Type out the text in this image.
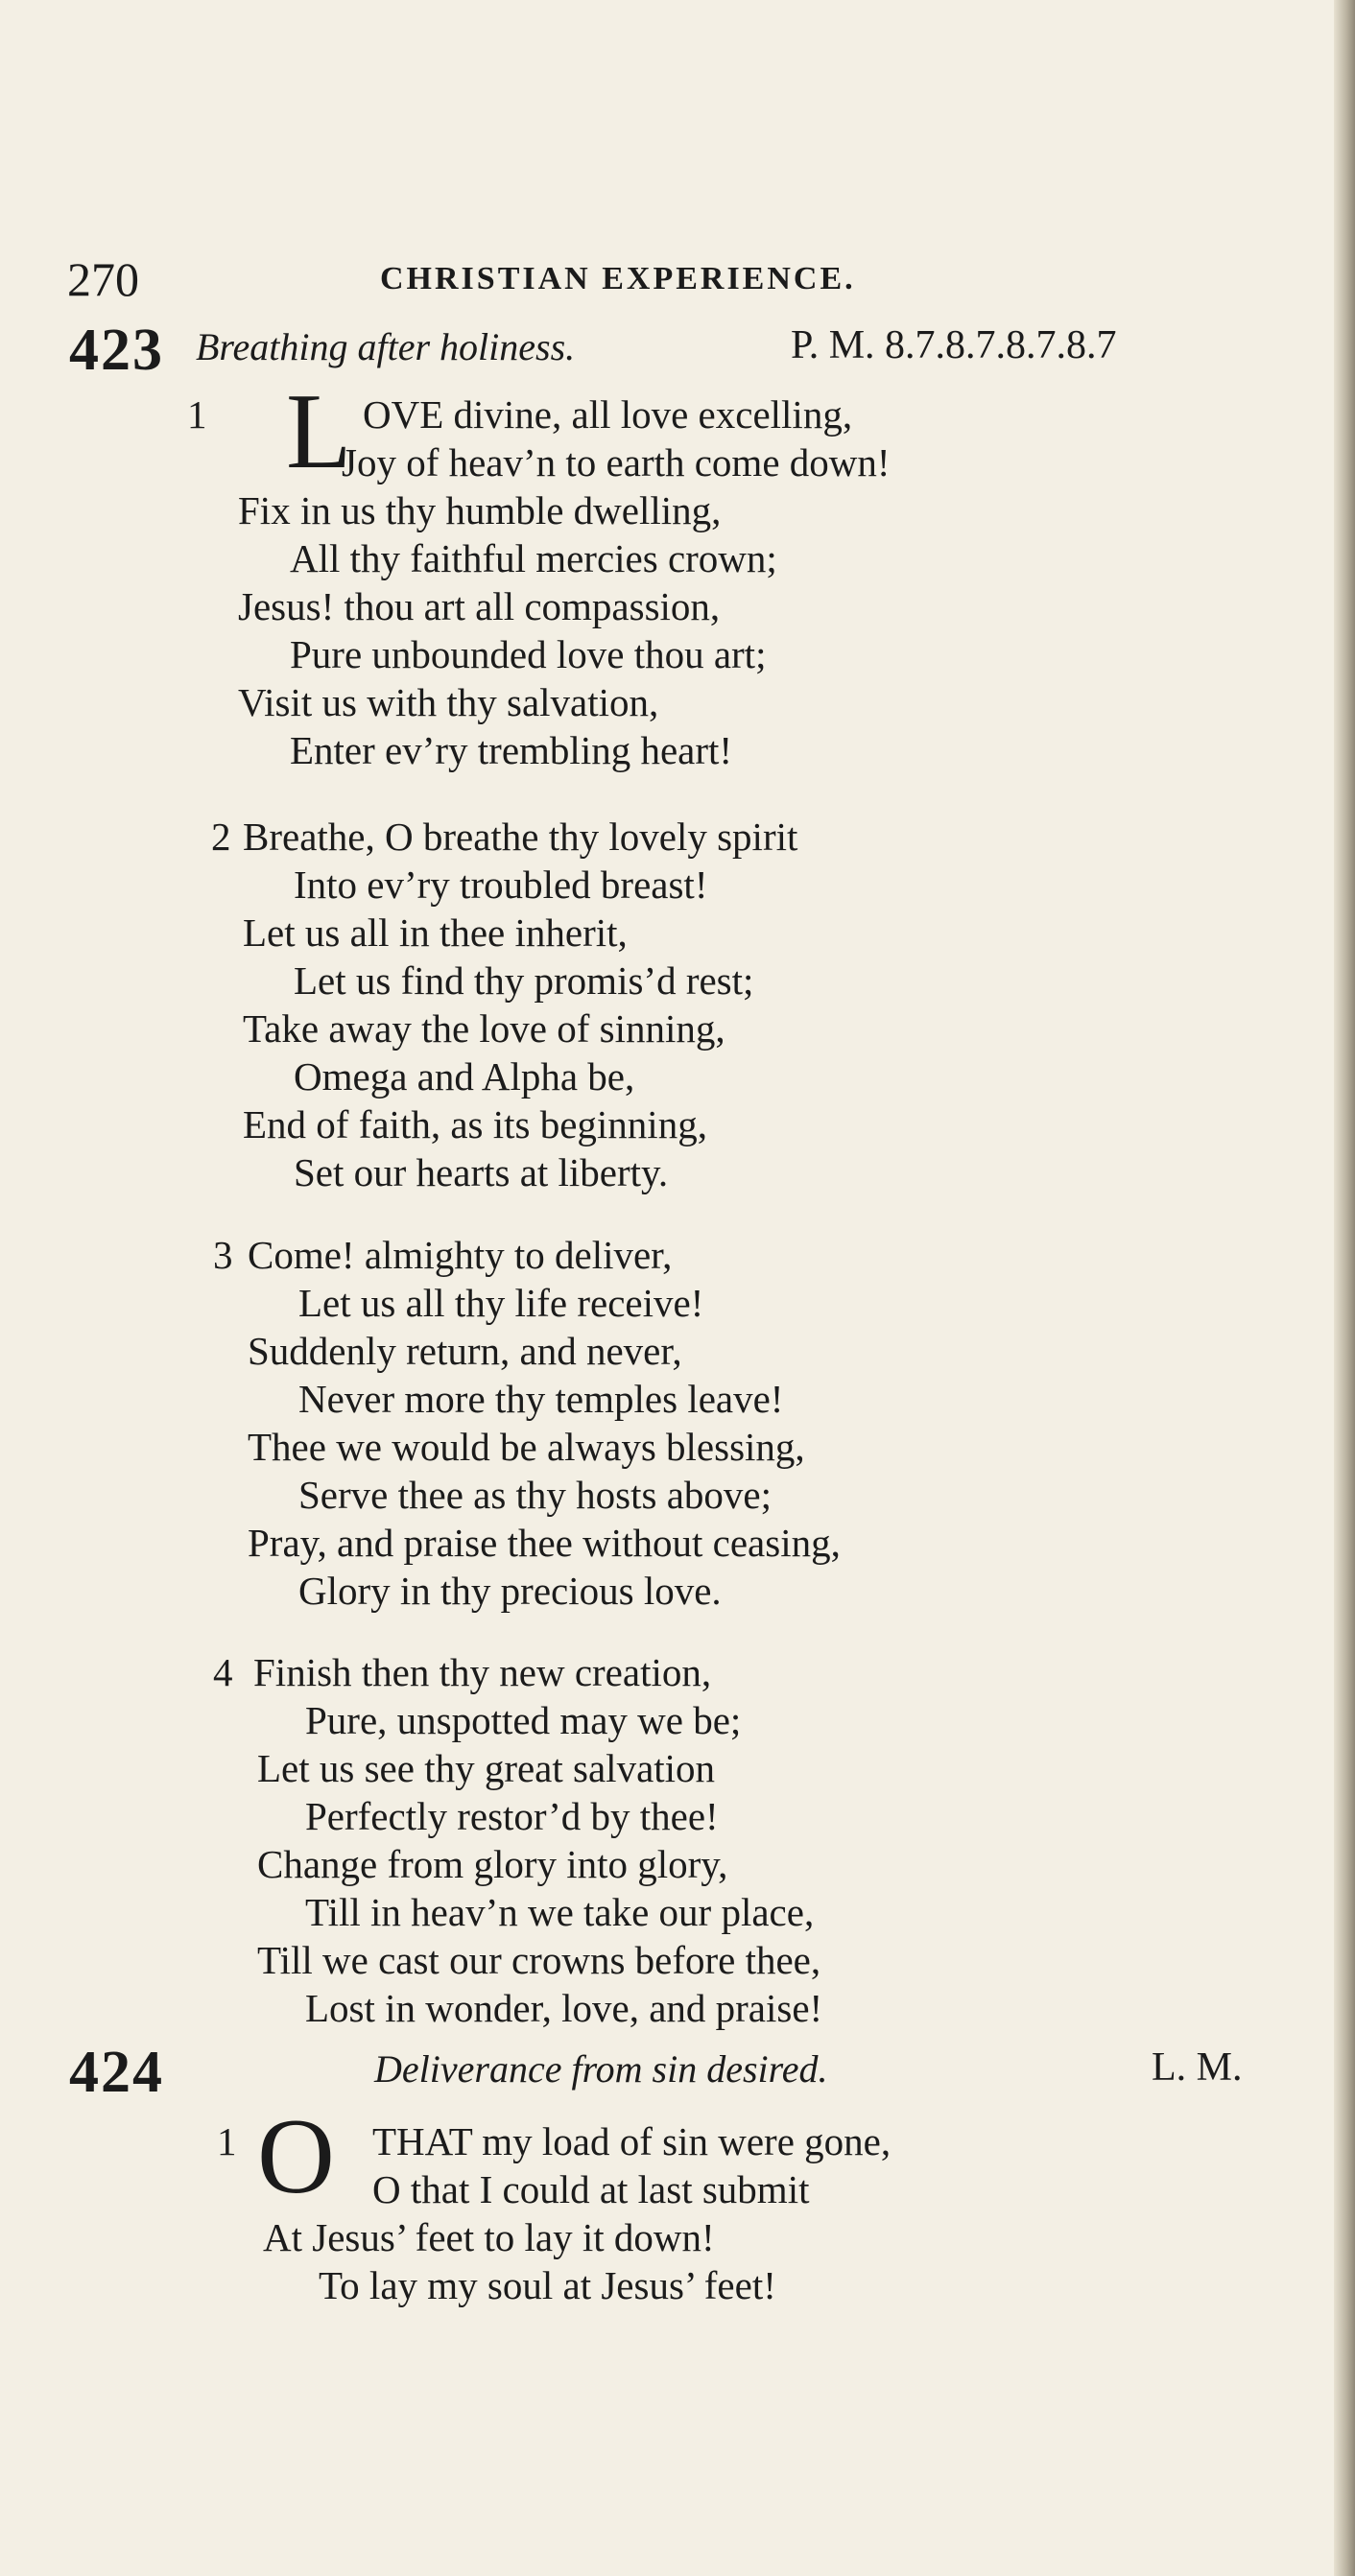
270	CHRISTIAN EXPERIENCE.
423 Breathing after holiness.	P. M. 8.7.8.7.8.7.8.7
1 L OVE divine, all love excelling,
Joy of heav’n to earth come down!
Fix in us thy humble dwelling,
All thy faithful mercies crown;
Jesus! thou art all compassion,
Pure unbounded love thou art;
Visit us with thy salvation,
Enter ev’ry trembling heart!
2 Breathe, O breathe thy lovely spirit
Into ev’ry troubled breast!
Let us all in thee inherit,
Let us find thy promis’d rest;
Take away the love of sinning,
Omega and Alpha be,
End of faith, as its beginning,
Set our hearts at liberty.
3 Come! almighty to deliver,
Let us all thy life receive!
Suddenly return, and never,
Never more thy temples leave!
Thee we would be always blessing,
Serve thee as thy hosts above;
Pray, and praise thee without ceasing,
Glory in thy precious love.
4 Finish then thy new creation,
Pure, unspotted may we be;
Let us see thy great salvation
Perfectly restor’d by thee!
Change from glory into glory,
Till in heav’n we take our place,
Till we cast our crowns before thee,
Lost in wonder, love, and praise!
424	Deliverance from sin desired.	L. M.
1 O THAT my load of sin were gone,
O that I could at last submit
At Jesus’ feet to lay it down!
To lay my soul at Jesus’ feet!
